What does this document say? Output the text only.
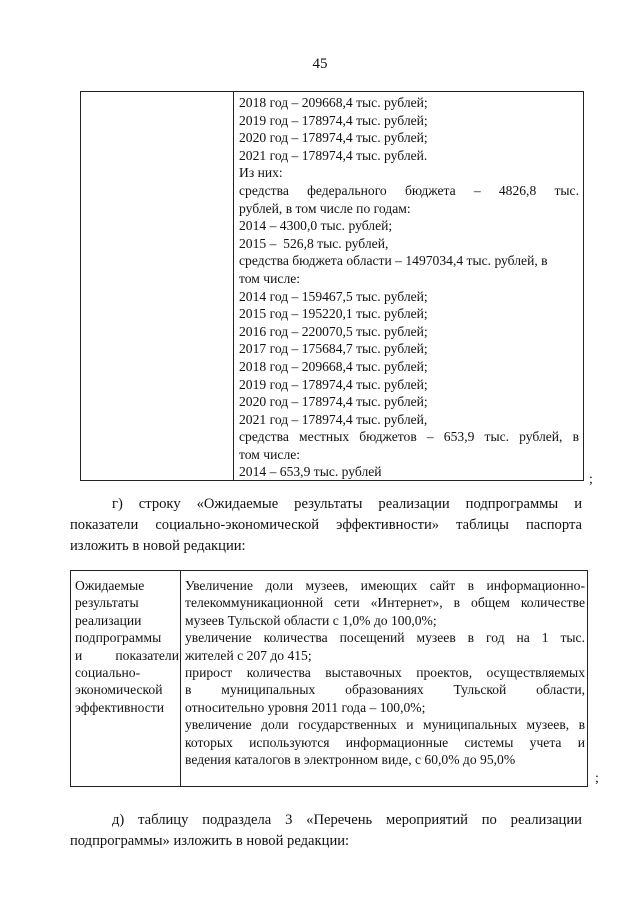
45
2018 год – 209668,4 тыс. рублей;
2019 год – 178974,4 тыс. рублей;
2020 год – 178974,4 тыс. рублей;
2021 год – 178974,4 тыс. рублей.
Из них:
средства федерального бюджета – 4826,8 тыс.
рублей, в том числе по годам:
2014 – 4300,0 тыс. рублей;
2015 –  526,8 тыс. рублей,
средства бюджета области – 1497034,4 тыс. рублей, в
том числе:
2014 год – 159467,5 тыс. рублей;
2015 год – 195220,1 тыс. рублей;
2016 год – 220070,5 тыс. рублей;
2017 год – 175684,7 тыс. рублей;
2018 год – 209668,4 тыс. рублей;
2019 год – 178974,4 тыс. рублей;
2020 год – 178974,4 тыс. рублей;
2021 год – 178974,4 тыс. рублей,
средства местных бюджетов – 653,9 тыс. рублей, в
том числе:
2014 – 653,9 тыс. рублей
;
г) строку «Ожидаемые результаты реализации подпрограммы и
показатели социально-экономической эффективности» таблицы паспорта
изложить в новой редакции:
Ожидаемые
результаты
реализации
подпрограммы
и показатели
социально-
экономической
эффективности
Увеличение доли музеев, имеющих сайт в информационно-
телекоммуникационной сети «Интернет», в общем количестве
музеев Тульской области с 1,0% до 100,0%;
увеличение количества посещений музеев в год на 1 тыс.
жителей с 207 до 415;
прирост количества выставочных проектов, осуществляемых
в муниципальных образованиях Тульской области,
относительно уровня 2011 года – 100,0%;
увеличение доли государственных и муниципальных музеев, в
которых используются информационные системы учета и
ведения каталогов в электронном виде, с 60,0% до 95,0%
;
д) таблицу подраздела 3 «Перечень мероприятий по реализации
подпрограммы» изложить в новой редакции:
